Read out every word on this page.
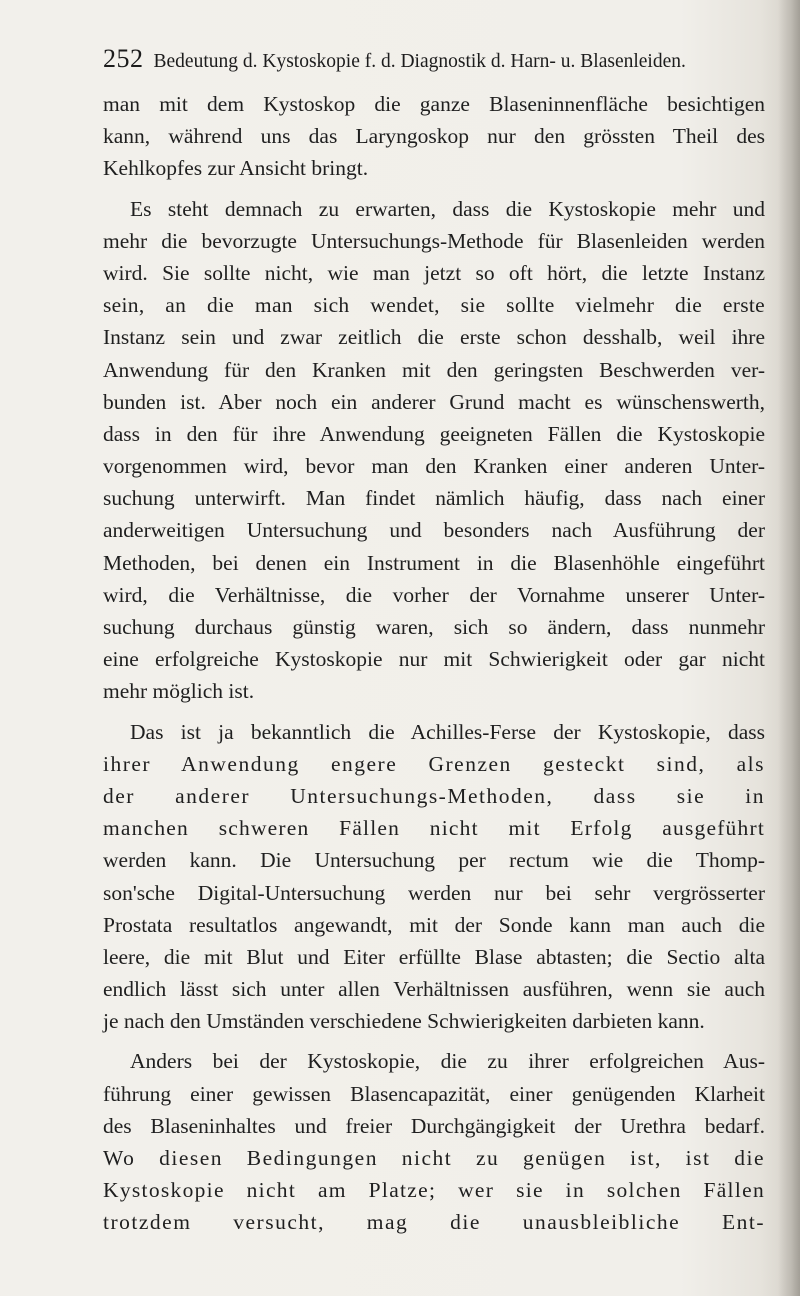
252 Bedeutung d. Kystoskopie f. d. Diagnostik d. Harn- u. Blasenleiden.
man mit dem Kystoskop die ganze Blaseninnenfläche besichtigen
kann, während uns das Laryngoskop nur den grössten Theil des
Kehlkopfes zur Ansicht bringt.
Es steht demnach zu erwarten, dass die Kystoskopie mehr und
mehr die bevorzugte Untersuchungs-Methode für Blasenleiden werden
wird. Sie sollte nicht, wie man jetzt so oft hört, die letzte Instanz
sein, an die man sich wendet, sie sollte vielmehr die erste
Instanz sein und zwar zeitlich die erste schon desshalb, weil ihre
Anwendung für den Kranken mit den geringsten Beschwerden ver-
bunden ist. Aber noch ein anderer Grund macht es wünschenswerth,
dass in den für ihre Anwendung geeigneten Fällen die Kystoskopie
vorgenommen wird, bevor man den Kranken einer anderen Unter-
suchung unterwirft. Man findet nämlich häufig, dass nach einer
anderweitigen Untersuchung und besonders nach Ausführung der
Methoden, bei denen ein Instrument in die Blasenhöhle eingeführt
wird, die Verhältnisse, die vorher der Vornahme unserer Unter-
suchung durchaus günstig waren, sich so ändern, dass nunmehr
eine erfolgreiche Kystoskopie nur mit Schwierigkeit oder gar nicht
mehr möglich ist.
Das ist ja bekanntlich die Achilles-Ferse der Kystoskopie, dass
ihrer Anwendung engere Grenzen gesteckt sind, als
der anderer Untersuchungs-Methoden, dass sie in
manchen schweren Fällen nicht mit Erfolg ausgeführt
werden kann. Die Untersuchung per rectum wie die Thomp-
son'sche Digital-Untersuchung werden nur bei sehr vergrösserter
Prostata resultatlos angewandt, mit der Sonde kann man auch die
leere, die mit Blut und Eiter erfüllte Blase abtasten; die Sectio alta
endlich lässt sich unter allen Verhältnissen ausführen, wenn sie auch
je nach den Umständen verschiedene Schwierigkeiten darbieten kann.
Anders bei der Kystoskopie, die zu ihrer erfolgreichen Aus-
führung einer gewissen Blasencapazität, einer genügenden Klarheit
des Blaseninhaltes und freier Durchgängigkeit der Urethra bedarf.
Wo diesen Bedingungen nicht zu genügen ist, ist die
Kystoskopie nicht am Platze; wer sie in solchen Fällen
trotzdem versucht, mag die unausbleibliche Ent-
